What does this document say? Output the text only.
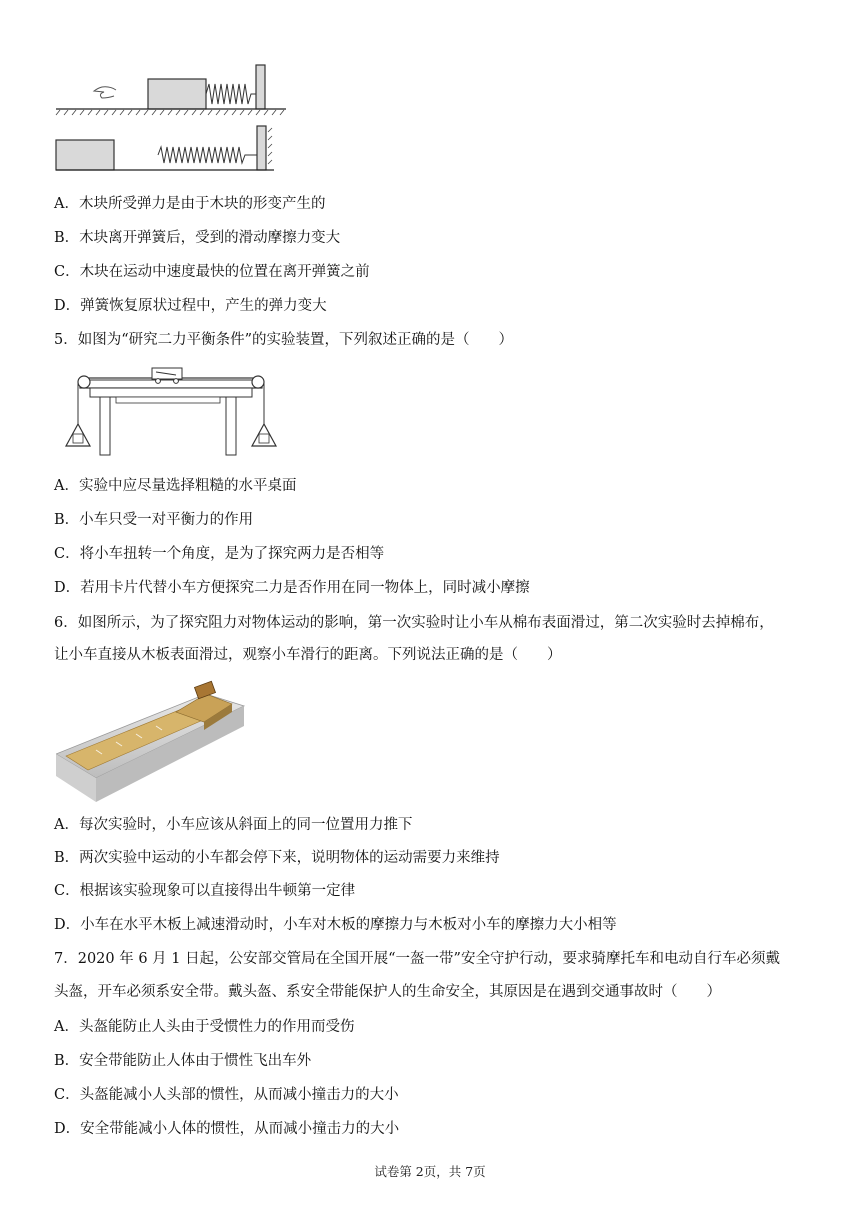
A．木块所受弹力是由于木块的形变产生的
B．木块离开弹簧后，受到的滑动摩擦力变大
C．木块在运动中速度最快的位置在离开弹簧之前
D．弹簧恢复原状过程中，产生的弹力变大
5．如图为“研究二力平衡条件”的实验装置，下列叙述正确的是（　　）
A．实验中应尽量选择粗糙的水平桌面
B．小车只受一对平衡力的作用
C．将小车扭转一个角度，是为了探究两力是否相等
D．若用卡片代替小车方便探究二力是否作用在同一物体上，同时减小摩擦
6．如图所示，为了探究阻力对物体运动的影响，第一次实验时让小车从棉布表面滑过，第二次实验时去掉棉布，
让小车直接从木板表面滑过，观察小车滑行的距离。下列说法正确的是（　　）
A．每次实验时，小车应该从斜面上的同一位置用力推下
B．两次实验中运动的小车都会停下来，说明物体的运动需要力来维持
C．根据该实验现象可以直接得出牛顿第一定律
D．小车在水平木板上减速滑动时，小车对木板的摩擦力与木板对小车的摩擦力大小相等
7．2020 年 6 月 1 日起，公安部交管局在全国开展“一盔一带”安全守护行动，要求骑摩托车和电动自行车必须戴
头盔，开车必须系安全带。戴头盔、系安全带能保护人的生命安全，其原因是在遇到交通事故时（　　）
A．头盔能防止人头由于受惯性力的作用而受伤
B．安全带能防止人体由于惯性飞出车外
C．头盔能减小人头部的惯性，从而减小撞击力的大小
D．安全带能减小人体的惯性，从而减小撞击力的大小
试卷第 2页，共 7页
